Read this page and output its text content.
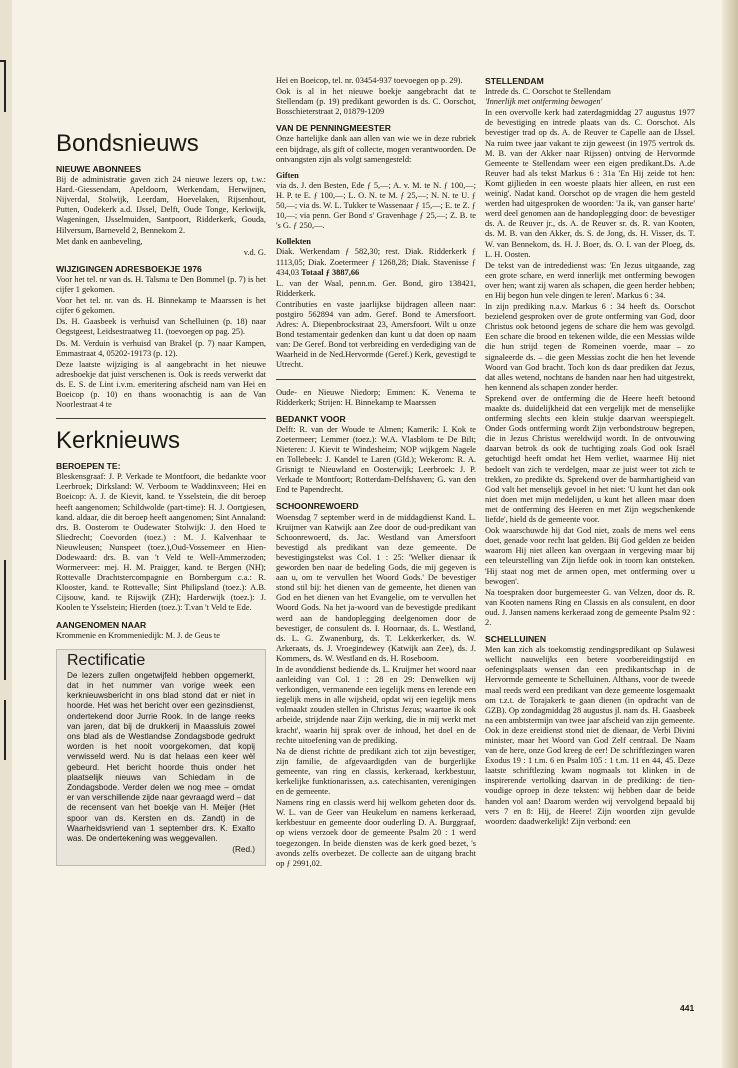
Bondsnieuws
NIEUWE ABONNEES

Bij de administratie gaven zich 24 nieuwe lezers op, t.w.: Hard.-Giessendam, Apeldoorn, Werkendam, Herwijnen, Nijverdal, Stolwijk, Leerdam, Hoevelaken, Rijsenhout, Putten, Oudekerk a.d. IJssel, Delft, Oude Tonge, Kerkwijk, Wageningen, IJsselmuiden, Santpoort, Ridderkerk, Gouda, Hilversum, Barneveld 2, Bennekom 2.

Met dank en aanbeveling,

v.d. G.

WIJZIGINGEN ADRESBOEKJE 1976

Voor het tel. nr van ds. H. Talsma te Den Bommel (p. 7) is het cijfer 1 gekomen.

Voor het tel. nr. van ds. H. Binnekamp te Maarssen is het cijfer 6 gekomen.

Ds. H. Gaasbeek is verhuisd van Schelluinen (p. 18) naar Oegstgeest, Leidsestraatweg 11. (toevoegen op pag. 25).

Ds. M. Verduin is verhuisd van Brakel (p. 7) naar Kampen, Emmastraat 4, 05202-19173 (p. 12).

Deze laatste wijziging is al aangebracht in het nieuwe adresboekje dat juist verschenen is. Ook is reeds verwerkt dat ds. E. S. de Lint i.v.m. emeritering afscheid nam van Hei en Boeicop (p. 10) en thans woonachtig is aan de Van Noorlestraat 4 te

Kerknieuws
BEROEPEN TE:

Bleskensgraaf: J. P. Verkade te Montfoort, die bedankte voor Leerbroek; Dirksland: W. Verboom te Waddinxveen; Hei en Boeicop: A. J. de Kievit, kand. te Ysselstein, die dit beroep heeft aangenomen; Schildwolde (part-time): H. J. Oortgiesen, kand. aldaar, die dit beroep heeft aangenomen; Sint Annaland: drs. B. Oosterom te Oudewater Stolwijk: J. den Hoed te Sliedrecht; Coevorden (toez.) : M. J. Kalvenhaar te Nieuwleusen; Nunspeet (toez.),Oud-Vossemeer en Hien-Dodewaard: drs. B. van 't Veld te Well-Ammerzoden; Wormerveer: mej. H. M. Praigger, kand. te Bergen (NH); Rottevalle Drachtstercompagnie en Bornbergum c.a.: R. Klooster, kand. te Rottevalle; Sint Philipsland (toez.): A.B. Cijsouw, kand. te Rijswijk (ZH); Harderwijk (toez.): J. Koolen te Ysselstein; Hierden (toez.): T.van 't Veld te Ede.

AANGENOMEN NAAR

Krommenie en Krommeniedijk: M. J. de Geus te

Rectificatie

De lezers zullen ongetwijfeld hebben opgemerkt, dat in het nummer van vorige week een kerknieuwsbericht in ons blad stond dat er niet in hoorde. Het was het bericht over een gezinsdienst, ondertekend door Jurrie Rook. In de lange reeks van jaren, dat bij de drukkerij in Maassluis zowel ons blad als de Westlandse Zondagsbode gedrukt worden is het nooit voorgekomen, dat kopij verwisseld werd. Nu is dat helaas een keer wèl gebeurd. Het bericht hoorde thuis onder het plaatselijk nieuws van Schiedam in de Zondagsbode. Verder delen we nog mee – omdat er van verschillende zijde naar gevraagd werd – dat de recensent van het boekje van H. Meijer (Het spoor van ds. Kersten en ds. Zandt) in de Waarheidsvriend van 1 september drs. K. Exalto was. De ondertekening was weggevallen.

(Red.)

Hei en Boeicop, tel. nr. 03454-937 toevoegen op p. 29).

Ook is al in het nieuwe boekje aangebracht dat te Stellendam (p. 19) predikant geworden is ds. C. Oorschot, Bosschieterstraat 2, 01879-1209

VAN DE PENNINGMEESTER

Onze hartelijke dank aan allen van wie we in deze rubriek een bijdrage, als gift of collecte, mogen verantwoorden. De ontvangsten zijn als volgt samengesteld:

Giften

via ds. J. den Besten, Ede ƒ 5,—; A. v. M. te N. ƒ 100,—; H. P. te E. ƒ 100,—; L. O. N. te M. ƒ 25,—; N. N. te U. ƒ 50,—; via ds. W. L. Tukker te Wassenaar ƒ 15,—; E. te Z. ƒ 10,—; via penn. Ger Bond s' Gravenhage ƒ 25,—; Z. B. te 's G. ƒ 250,—.

Kollekten

Diak. Werkendam ƒ 582,30; rest. Diak. Ridderkerk ƒ 1113,05; Diak. Zoetermeer ƒ 1268,28; Diak. Stavenisse ƒ 434,03 Totaal ƒ 3887,66

L. van der Waal, penn.m. Ger. Bond, giro 138421, Ridderkerk.

Contributies en vaste jaarlijkse bijdragen alleen naar: postgiro 562894 van adm. Geref. Bond te Amersfoort. Adres: A. Diepenbrockstraat 23, Amersfoort. Wilt u onze Bond testamentair gedenken dan kunt u dat doen op naam van: De Geref. Bond tot verbreiding en verdediging van de Waarheid in de Ned.Hervormde (Geref.) Kerk, gevestigd te Utrecht.

Oude- en Nieuwe Niedorp; Emmen: K. Venema te Ridderkerk; Strijen: H. Binnekamp te Maarssen

BEDANKT VOOR

Delft: R. van der Woude te Almen; Kamerik: I. Kok te Zoetermeer; Lemmer (toez.): W.A. Vlasblom te De Bilt; Nieteren: J. Kievit te Windesheim; NOP wijkgem Nagele en Tollebeek: J. Kandel te Laren (Gld.); Wekerom: R. A. Grisnigt te Nieuwland en Oosterwijk; Leerbroek: J. P. Verkade te Montfoort; Rotterdam-Delfshaven; G. van den End te Papendrecht.

SCHOONREWOERD

Woensdag 7 september werd in de middagdienst Kand. L. Kruijmer van Katwijk aan Zee door de oud-predikant van Schoonrewoerd, ds. Jac. Westland van Amersfoort bevestigd als predikant van deze gemeente. De bevestigingstekst was Col. 1 : 25: 'Welker dienaar ik geworden ben naar de bedeling Gods, die mij gegeven is aan u, om te vervullen het Woord Gods.' De bevestiger stond stil bij: het dienen van de gemeente, het dienen van God en het dienen van het Evangelie, om te vervullen het Woord Gods. Na het ja-woord van de bevestigde predikant werd aan de handoplegging deelgenomen door de bevestiger, de consulent ds. I. Hoornaar, ds. L. Westland, ds. L. G. Zwanenburg, ds. T. Lekkerkerker, ds. W. Arkeraats, ds. J. Vroegindewey (Katwijk aan Zee), ds. J. Kommers, ds. W. Westland en ds. H. Roseboom.

In de avonddienst bediende ds. L. Kruijmer het woord naar aanleiding van Col. 1 : 28 en 29: Denwelken wij verkondigen, vermanende een iegelijk mens en lerende een iegelijk mens in alle wijsheid, opdat wij een iegelijk mens volmaakt zouden stellen in Christus Jezus; waartoe ik ook arbeide, strijdende naar Zijn werking, die in mij werkt met kracht', waarin hij sprak over de inhoud, het doel en de rechte uitoefening van de prediking.

Na de dienst richtte de predikant zich tot zijn bevestiger, zijn familie, de afgevaardigden van de burgerlijke gemeente, van ring en classis, kerkeraad, kerkbestuur, kerkelijke funktionarissen, a.s. catechisanten, verenigingen en de gemeente.

Namens ring en classis werd hij welkom geheten door ds. W. L. van de Geer van Heukelum en namens kerkeraad, kerkbestuur en gemeente door ouderling D. A. Burggraaf, op wiens verzoek door de gemeente Psalm 20 : 1 werd toegezongen. In beide diensten was de kerk goed bezet, 's avonds zelfs overbezet. De collecte aan de uitgang bracht op ƒ 2991,02.

STELLENDAM

Intrede ds. C. Oorschot te Stellendam

'Innerlijk met ontferming bewogen'

In een overvolle kerk had zaterdagmiddag 27 augustus 1977 de bevestiging en intrede plaats van ds. C. Oorschot. Als bevestiger trad op ds. A. de Reuver te Capelle aan de IJssel. Na ruim twee jaar vakant te zijn geweest (in 1975 vertrok ds. M. B. van der Akker naar Rijssen) ontving de Hervormde Gemeente te Stellendam weer een eigen predikant.Ds. A.de Reuver had als tekst Markus 6 : 31a 'En Hij zeide tot hen: Komt gijlieden in een woeste plaats hier alleen, en rust een weinig'. Nadat kand. Oorschot op de vragen die hem gesteld werden had uitgesproken de woorden: 'Ja ik, van ganser harte' werd deel genomen aan de handoplegging door: de bevestiger ds. A. de Reuver jr., ds. A. de Reuver sr. ds. R. van Kooten, ds. M. B. van den Akker, ds. S. de Jong, ds. H. Visser, ds. T. W. van Bennekom, ds. H. J. Boer, ds. O. I. van der Ploeg, ds. L. H. Oosten.

De tekst van de intrededienst was: 'En Jezus uitgaande, zag een grote schare, en werd innerlijk met ontferming bewogen over hen; want zij waren als schapen, die geen herder hebben; en Hij begon hun vele dingen te leren'. Markus 6 : 34.

In zijn prediking n.a.v. Markus 6 : 34 heeft ds. Oorschot bezielend gesproken over de grote ontferming van God, door Christus ook betoond jegens de schare die hem was gevolgd. Een schare die brood en tekenen wilde, die een Messias wilde die hun strijd tegen de Romeinen voerde, maar – zo signaleerde ds. – die geen Messias zocht die hen het levende Woord van God bracht. Toch kon ds daar prediken dat Jezus, dat alles wetend, nochtans de handen naar hen had uitgestrekt, hen kennend als schapen zonder herder.

Sprekend over de ontferming die de Heere heeft betoond maakte ds. duidelijkheid dat een vergelijk met de menselijke ontferming slechts een klein stukje daarvan weerspiegelt. Onder Gods ontferming wordt Zijn verbondstrouw begrepen, die in Jezus Christus wereldwijd wordt. In de ontvouwing daarvan betrok ds ook de tuchtiging zoals God ook Israël getuchtigd heeft omdat het Hem verliet, waarmee Hij niet bedoelt van zich te verdelgen, maar ze juist weer tot zich te trekken, zo predikte ds. Sprekend over de barmhartigheid van God valt het menselijk gevoel in het niet: 'U kunt het dan ook niet doen met mijn medelijden, u kunt het alleen maar doen met de ontferming des Heeren en met Zijn wegschenkende liefde', hield ds de gemeente voor.

Ook waarschuwde hij dat God niet, zoals de mens wel eens doet, genade voor recht laat gelden. Bij God gelden ze beiden waarom Hij niet alleen kan overgaan in vergeving maar bij een teleurstelling van Zijn liefde ook in toorn kan ontsteken. 'Hij staat nog met de armen open, met ontferming over u bewogen'.

Na toespraken door burgemeester G. van Velzen, door ds. R. van Kooten namens Ring en Classis en als consulent, en door oud. J. Jansen namens kerkeraad zong de gemeente Psalm 92 : 2.

SCHELLUINEN

Men kan zich als toekomstig zendingspredikant op Sulawesi wellicht nauwelijks een betere voorbereidingstijd en oefeningsplaats wensen dan een predikantschap in de Hervormde gemeente te Schelluinen. Althans, voor de tweede maal reeds werd een predikant van deze gemeente losgemaakt om t.z.t. de Torajakerk te gaan dienen (in opdracht van de GZB). Op zondagmiddag 28 augustus jl. nam ds. H. Gaasbeek na een ambtstermijn van twee jaar afscheid van zijn gemeente. Ook in deze ereidienst stond niet de dienaar, de Verbi Divini minister, maar het Woord van God Zelf centraal. De Naam van de here, onze God kreeg de eer! De schriftlezingen waren Exodus 19 : 1 t.m. 6 en Psalm 105 : 1 t.m. 11 en 44, 45. Deze laatste schriftlezing kwam nogmaals tot klinken in de inspirerende vertolking daarvan in de prediking: de tien-voudige oproep in deze teksten: wij hebben daar de beide handen vol aan! Daarom werden wij vervolgend bepaald bij vers 7 en 8: Hij, de Heere! Zijn woorden zijn gevulde woorden: daadwerkelijk! Zijn verbond: een

441
